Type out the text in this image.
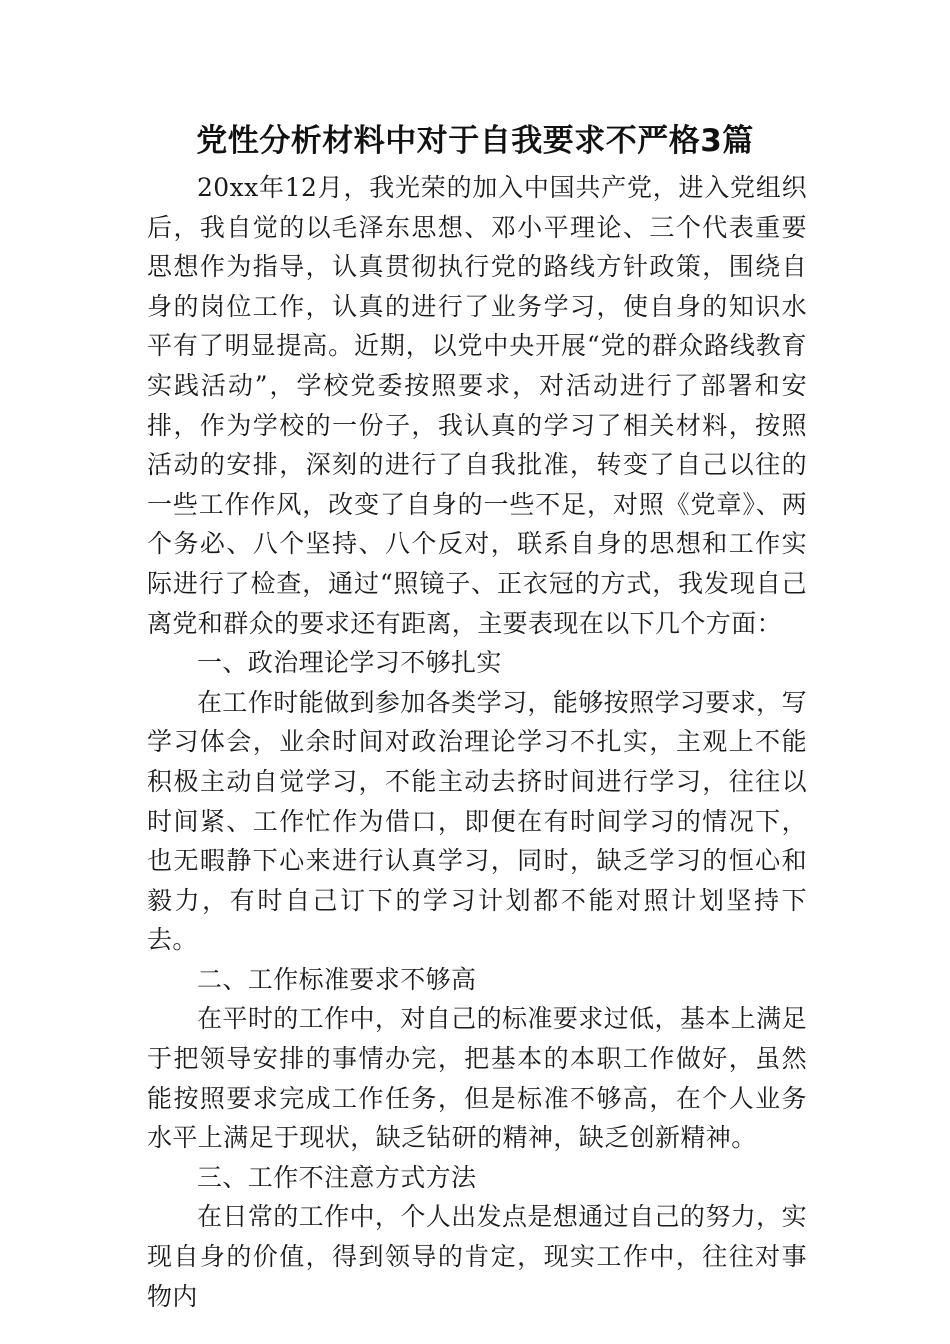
党性分析材料中对于自我要求不严格3篇

20xx年12月，我光荣的加入中国共产党，进入党组织后，我自觉的以毛泽东思想、邓小平理论、三个代表重要思想作为指导，认真贯彻执行党的路线方针政策，围绕自身的岗位工作，认真的进行了业务学习，使自身的知识水平有了明显提高。近期，以党中央开展“党的群众路线教育实践活动”，学校党委按照要求，对活动进行了部署和安排，作为学校的一份子，我认真的学习了相关材料，按照活动的安排，深刻的进行了自我批准，转变了自己以往的一些工作作风，改变了自身的一些不足，对照《党章》、两个务必、八个坚持、八个反对，联系自身的思想和工作实际进行了检查，通过“照镜子、正衣冠的方式，我发现自己离党和群众的要求还有距离，主要表现在以下几个方面：

一、政治理论学习不够扎实

在工作时能做到参加各类学习，能够按照学习要求，写学习体会，业余时间对政治理论学习不扎实，主观上不能积极主动自觉学习，不能主动去挤时间进行学习，往往以时间紧、工作忙作为借口，即便在有时间学习的情况下，也无暇静下心来进行认真学习，同时，缺乏学习的恒心和毅力，有时自己订下的学习计划都不能对照计划坚持下去。

二、工作标准要求不够高

在平时的工作中，对自己的标准要求过低，基本上满足于把领导安排的事情办完，把基本的本职工作做好，虽然能按照要求完成工作任务，但是标准不够高，在个人业务水平上满足于现状，缺乏钻研的精神，缺乏创新精神。

三、工作不注意方式方法

在日常的工作中，个人出发点是想通过自己的努力，实现自身的价值，得到领导的肯定，现实工作中，往往对事物内
